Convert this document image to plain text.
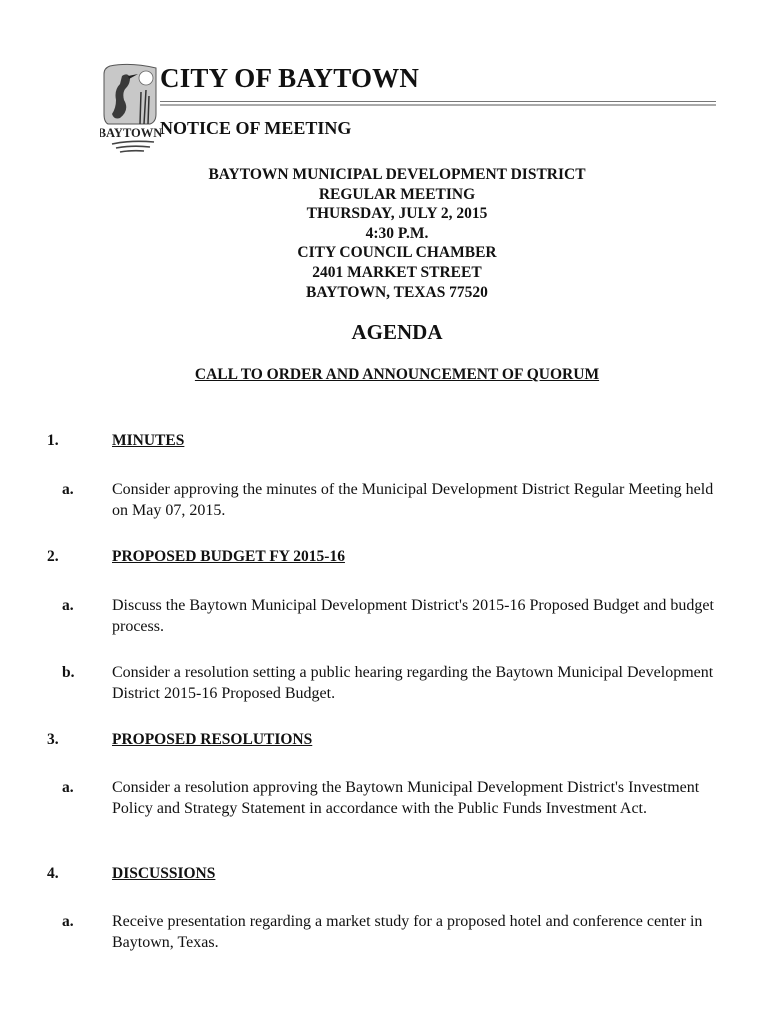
BAYTOWN
CITY OF BAYTOWN
NOTICE OF MEETING
BAYTOWN MUNICIPAL DEVELOPMENT DISTRICT
REGULAR MEETING
THURSDAY, JULY 2, 2015
4:30 P.M.
CITY COUNCIL CHAMBER
2401 MARKET STREET
BAYTOWN, TEXAS 77520
AGENDA
CALL TO ORDER AND ANNOUNCEMENT OF QUORUM
1.	MINUTES
a. Consider approving the minutes of the Municipal Development District Regular Meeting held on May 07, 2015.
2.	PROPOSED BUDGET FY 2015-16
a. Discuss the Baytown Municipal Development District's 2015-16 Proposed Budget and budget process.
b. Consider a resolution setting a public hearing regarding the Baytown Municipal Development District 2015-16 Proposed Budget.
3.	PROPOSED RESOLUTIONS
a. Consider a resolution approving the Baytown Municipal Development District's Investment Policy and Strategy Statement in accordance with the Public Funds Investment Act.
4.	DISCUSSIONS
a. Receive presentation regarding a market study for a proposed hotel and conference center in Baytown, Texas.
